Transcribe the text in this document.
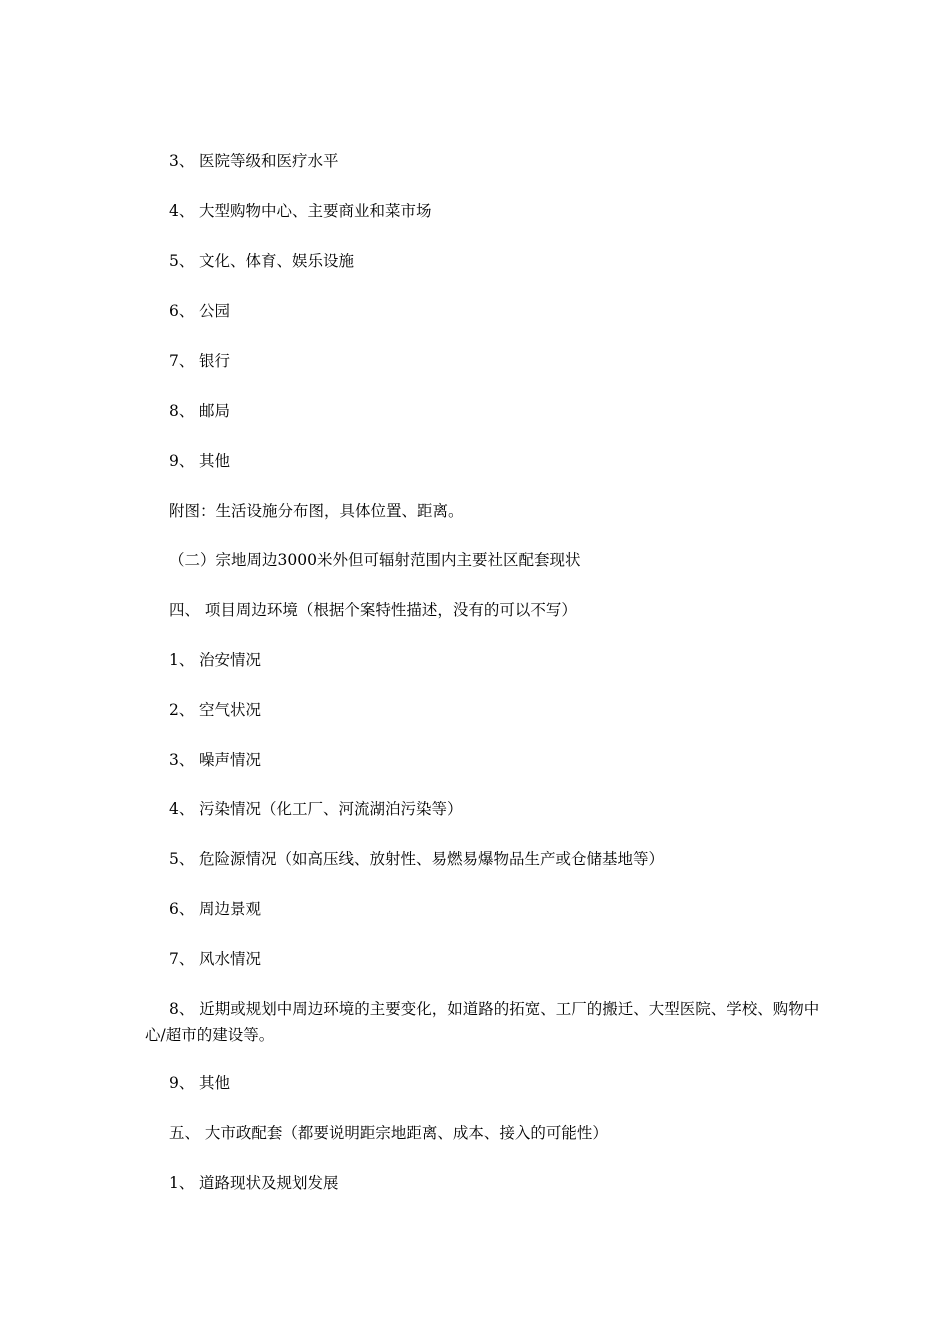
3、 医院等级和医疗水平
4、 大型购物中心、主要商业和菜市场
5、 文化、体育、娱乐设施
6、 公园
7、 银行
8、 邮局
9、 其他
附图：生活设施分布图，具体位置、距离。
（二）宗地周边3000米外但可辐射范围内主要社区配套现状
四、 项目周边环境（根据个案特性描述，没有的可以不写）
1、 治安情况
2、 空气状况
3、 噪声情况
4、 污染情况（化工厂、河流湖泊污染等）
5、 危险源情况（如高压线、放射性、易燃易爆物品生产或仓储基地等）
6、 周边景观
7、 风水情况
8、 近期或规划中周边环境的主要变化，如道路的拓宽、工厂的搬迁、大型医院、学校、购物中心/超市的建设等。
9、 其他
五、 大市政配套（都要说明距宗地距离、成本、接入的可能性）
1、 道路现状及规划发展
